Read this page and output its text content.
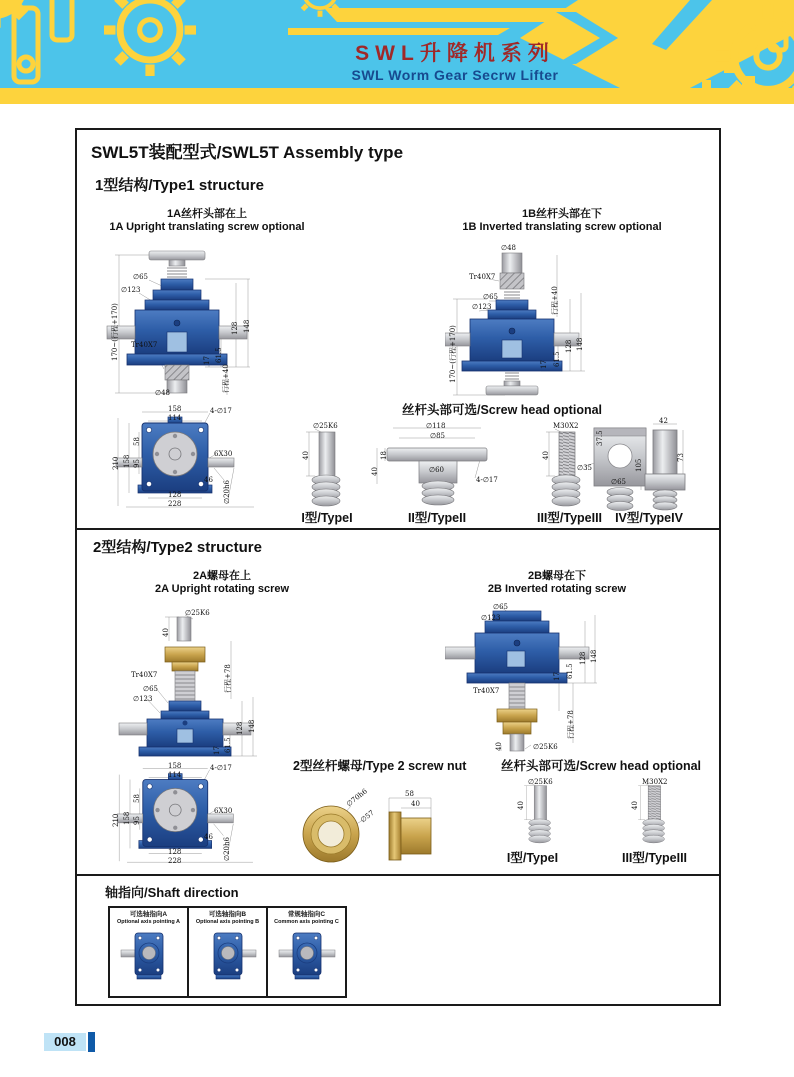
SWL升降机系列
SWL Worm Gear Secrw Lifter
SWL5T装配型式/SWL5T Assembly type
1型结构/Type1 structure
1A丝杆头部在上
1A Upright translating screw optional
1B丝杆头部在下
1B Inverted translating screw optional
∅65
∅123
170~(行程+170) Tr40X7
∅48
17 61.5
行程+40
128 148
∅48
Tr40X7
行程+40
∅65
∅123
148
128
61.5
17
170~(行程+170)
158
114
4-∅17
210 158
58
95
6X30
46
∅20h6
128
228
丝杆头部可选/Screw head optional
∅25K6
40
∅118
∅85
18
40	∅60
4-∅17
M30X2
40
42
37.5
∅35
∅65
105
73
I型/TypeI	II型/TypeII	III型/TypeIII	IV型/TypeIV
2型结构/Type2 structure
2A螺母在上
2A Upright rotating screw
2B螺母在下
2B Inverted rotating screw
∅25K6
40
行程+78
Tr40X7
∅65
∅123
128 148
61.5
17
∅65
∅123
148
128
61.5
17
Tr40X7
行程+78
40	∅25K6
158
114
4-∅17
210 158
58
95
6X30
46
∅20h6
128
228
2型丝杆螺母/Type 2 screw nut
∅70h6
∅57
58
40
丝杆头部可选/Screw head optional
∅25K6
40
M30X2
40
I型/TypeI	III型/TypeIII
轴指向/Shaft direction
可选轴指向A
Optional axis pointing A
可选轴指向B
Optional axis pointing B
常规轴指向C
Common axis pointing C
008
